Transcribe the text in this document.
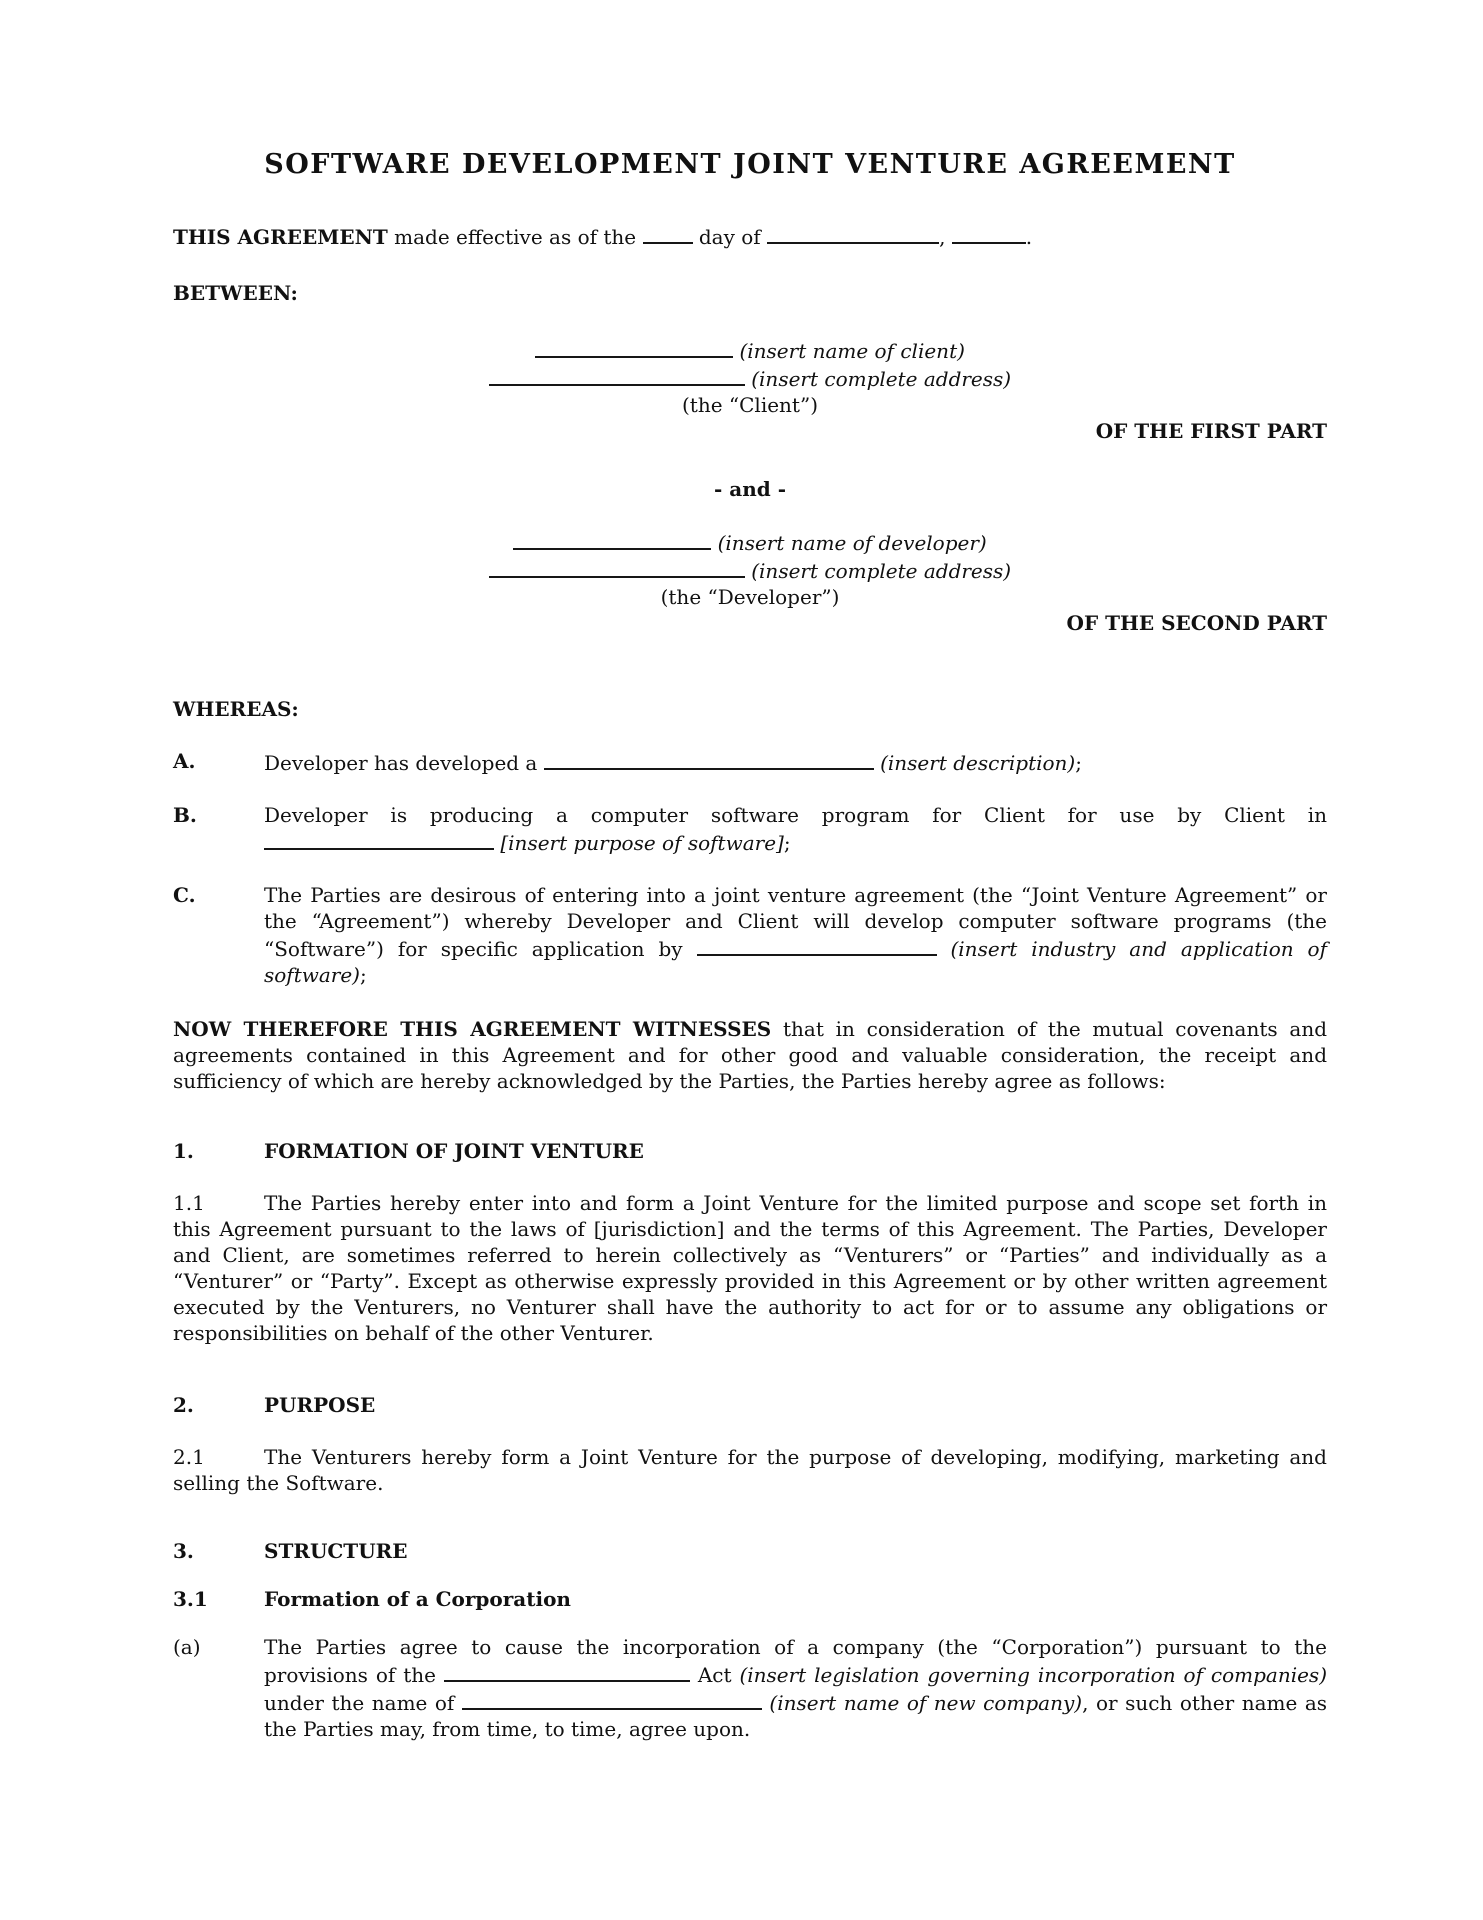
SOFTWARE DEVELOPMENT JOINT VENTURE AGREEMENT
THIS AGREEMENT made effective as of the	day of	,	.
BETWEEN:
(insert name of client)
(insert complete address)
(the “Client”)
OF THE FIRST PART
- and -
(insert name of developer)
(insert complete address)
(the “Developer”)
OF THE SECOND PART
WHEREAS:
A.	Developer has developed a	(insert description);
B.	Developer is producing a computer software program for Client for use by Client in  [insert purpose of software];
C.	The Parties are desirous of entering into a joint venture agreement (the “Joint Venture Agreement” or the “Agreement”) whereby Developer and Client will develop computer software programs (the “Software”) for specific application by	(insert industry and application of software);
NOW THEREFORE THIS AGREEMENT WITNESSES that in consideration of the mutual covenants and agreements contained in this Agreement and for other good and valuable consideration, the receipt and sufficiency of which are hereby acknowledged by the Parties, the Parties hereby agree as follows:
1.	FORMATION OF JOINT VENTURE
1.1	The Parties hereby enter into and form a Joint Venture for the limited purpose and scope set forth in this Agreement pursuant to the laws of [jurisdiction] and the terms of this Agreement. The Parties, Developer and Client, are sometimes referred to herein collectively as “Venturers” or “Parties” and individually as a “Venturer” or “Party”. Except as otherwise expressly provided in this Agreement or by other written agreement executed by the Venturers, no Venturer shall have the authority to act for or to assume any obligations or responsibilities on behalf of the other Venturer.
2.	PURPOSE
2.1	The Venturers hereby form a Joint Venture for the purpose of developing, modifying, marketing and selling the Software.
3.	STRUCTURE
3.1	Formation of a Corporation
(a)	The Parties agree to cause the incorporation of a company (the “Corporation”) pursuant to the provisions of the	Act (insert legislation governing incorporation of companies) under the name of	(insert name of new company), or such other name as the Parties may, from time, to time, agree upon.
